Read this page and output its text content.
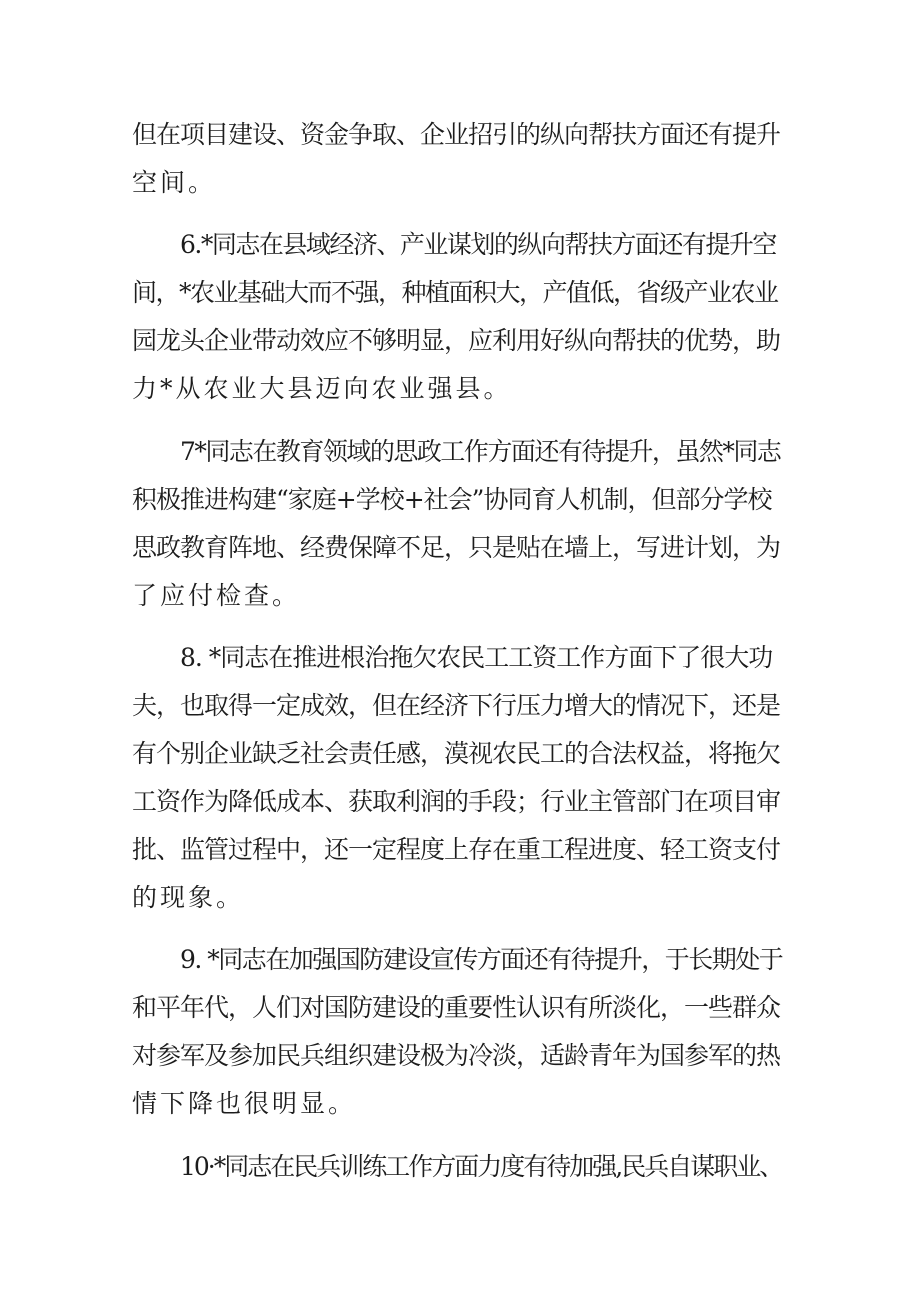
但在项目建设、资金争取、企业招引的纵向帮扶方面还有提升
空间。
6.*同志在县域经济、产业谋划的纵向帮扶方面还有提升空
间，*农业基础大而不强，种植面积大，产值低，省级产业农业
园龙头企业带动效应不够明显，应利用好纵向帮扶的优势，助
力*从农业大县迈向农业强县。
7*同志在教育领域的思政工作方面还有待提升，虽然*同志
积极推进构建“家庭+学校+社会”协同育人机制，但部分学校
思政教育阵地、经费保障不足，只是贴在墙上，写进计划，为
了应付检查。
8. *同志在推进根治拖欠农民工工资工作方面下了很大功
夫，也取得一定成效，但在经济下行压力增大的情况下，还是
有个别企业缺乏社会责任感，漠视农民工的合法权益，将拖欠
工资作为降低成本、获取利润的手段；行业主管部门在项目审
批、监管过程中，还一定程度上存在重工程进度、轻工资支付
的现象。
9. *同志在加强国防建设宣传方面还有待提升，于长期处于
和平年代，人们对国防建设的重要性认识有所淡化，一些群众
对参军及参加民兵组织建设极为冷淡，适龄青年为国参军的热
情下降也很明显。
10·*同志在民兵训练工作方面力度有待加强,民兵自谋职业、
